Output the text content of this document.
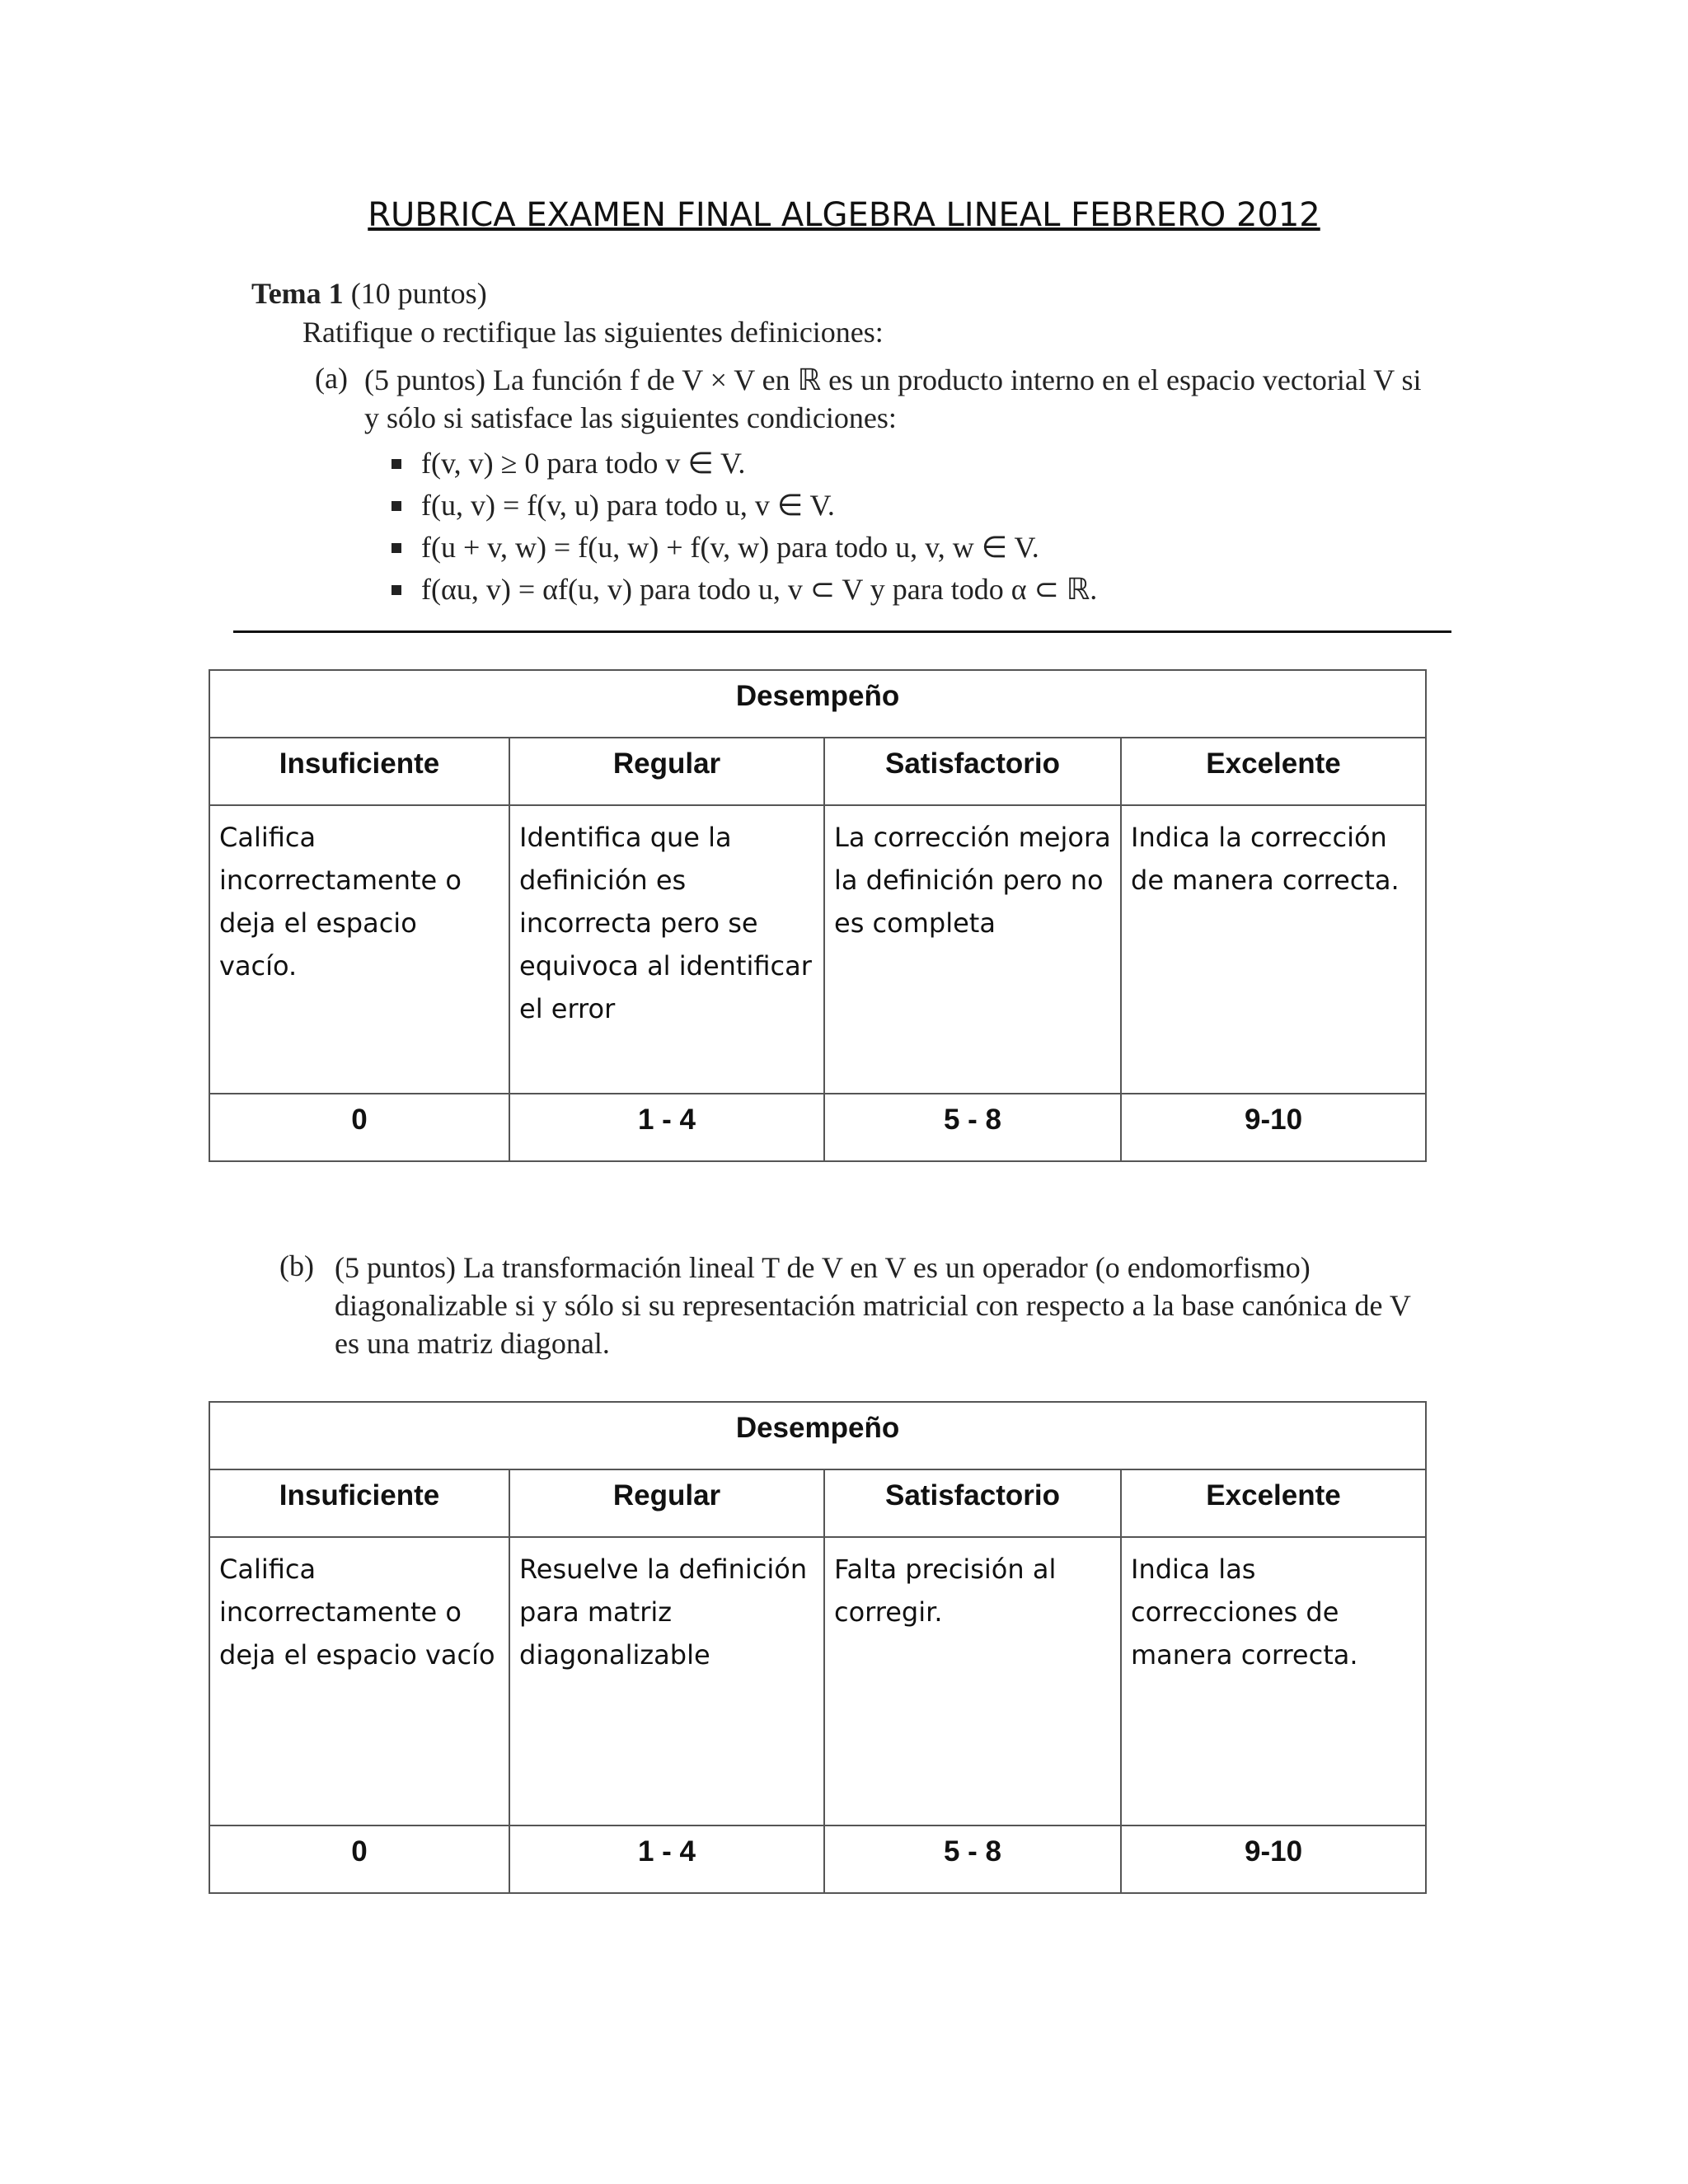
RUBRICA EXAMEN FINAL ALGEBRA LINEAL FEBRERO 2012
Tema 1 (10 puntos)
Ratifique o rectifique las siguientes definiciones:
(a) (5 puntos) La función f de V × V en ℝ es un producto interno en el espacio vectorial V si y sólo si satisface las siguientes condiciones:
f(v, v) ≥ 0 para todo v ∈ V.
f(u, v) = f(v, u) para todo u, v ∈ V.
f(u + v, w) = f(u, w) + f(v, w) para todo u, v, w ∈ V.
f(αu, v) = αf(u, v) para todo u, v ⊂ V y para todo α ⊂ ℝ.
Desempeño			
Insuficiente	Regular	Satisfactorio	Excelente
Califica incorrectamente o deja el espacio vacío.	Identifica que la definición es incorrecta pero se equivoca al identificar el error	La corrección mejora la definición pero no es completa	Indica la corrección de manera correcta.
0	1 - 4	5 - 8	9-10
(b) (5 puntos) La transformación lineal T de V en V es un operador (o endomorfismo) diagonalizable si y sólo si su representación matricial con respecto a la base canónica de V es una matriz diagonal.
Desempeño			
Insuficiente	Regular	Satisfactorio	Excelente
Califica incorrectamente o deja el espacio vacío	Resuelve la definición para matriz diagonalizable	Falta precisión al corregir.	Indica las correcciones de manera correcta.
0	1 - 4	5 - 8	9-10
